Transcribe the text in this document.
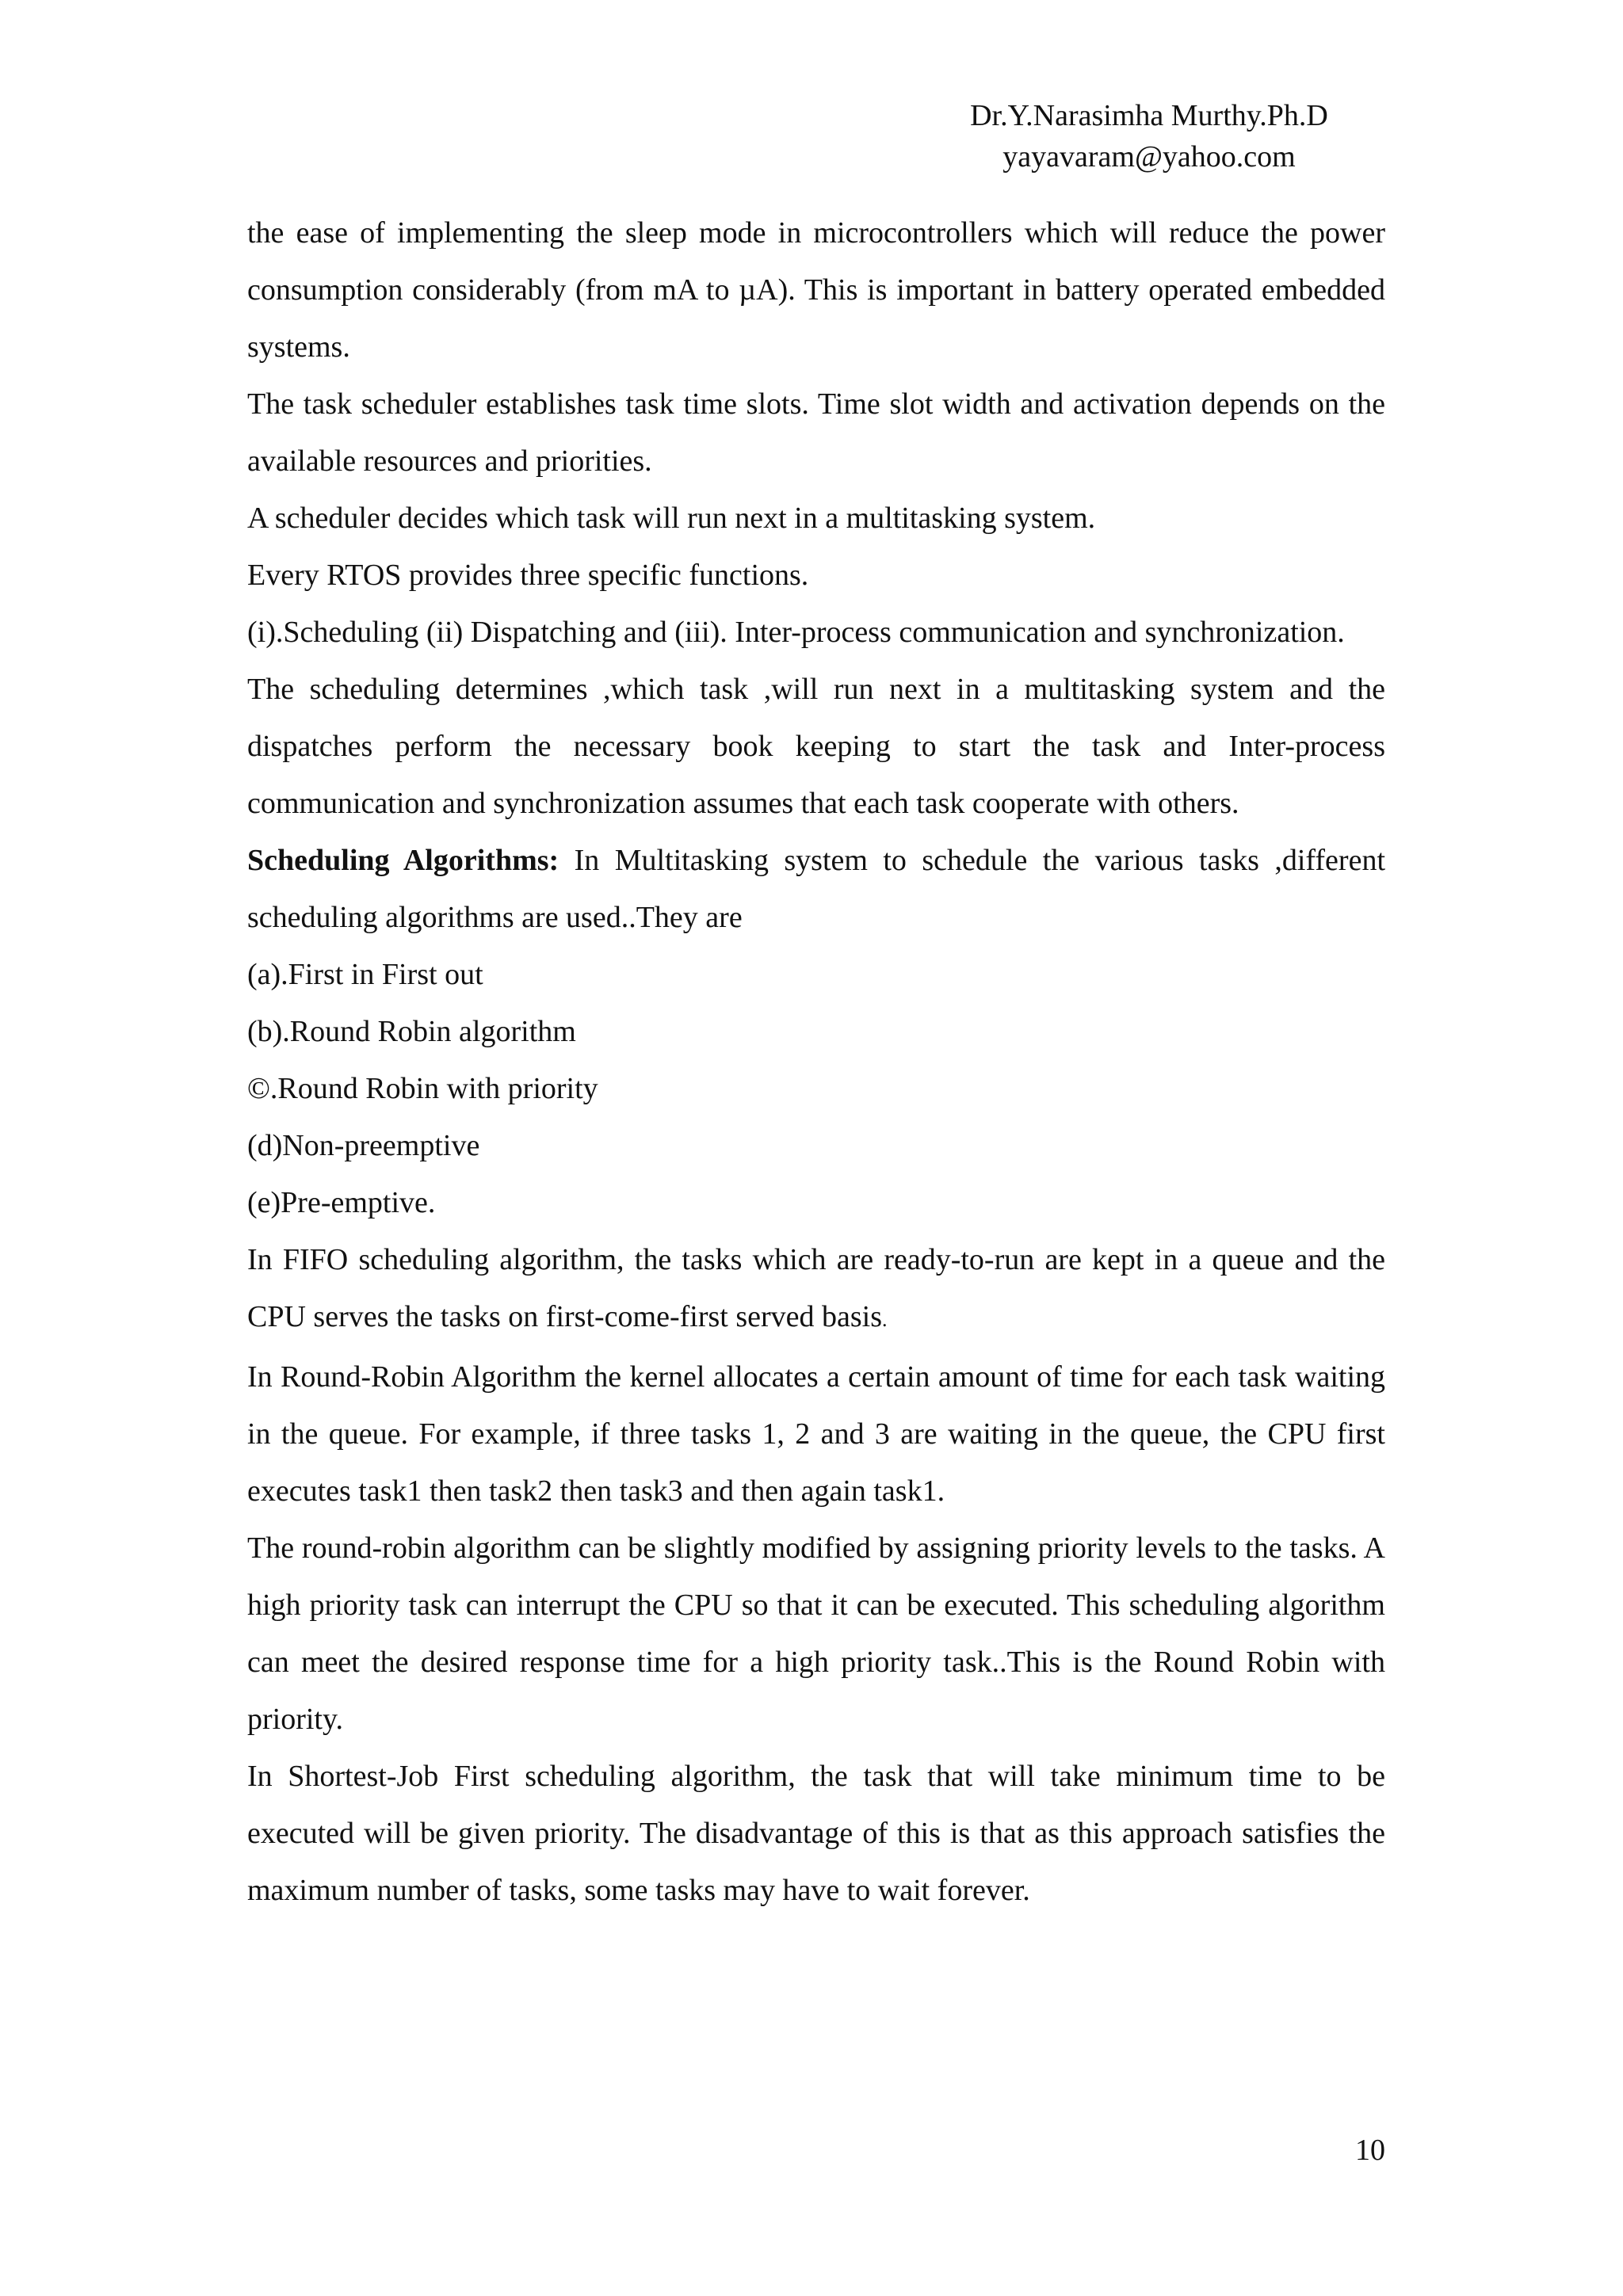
Dr.Y.Narasimha Murthy.Ph.D
yayavaram@yahoo.com

the ease of implementing the sleep mode in microcontrollers which will reduce the power consumption considerably (from mA to µA). This is important in battery operated embedded systems.

The task scheduler establishes task time slots. Time slot width and activation depends on the available resources and priorities.

A scheduler decides which task will run next in a multitasking system.

Every RTOS provides three specific functions.

(i).Scheduling (ii) Dispatching and (iii). Inter-process communication and synchronization.

The scheduling determines ,which task ,will run next in a multitasking system and the dispatches perform the necessary book keeping to start the task and Inter-process communication and synchronization assumes that each task cooperate with others.

Scheduling Algorithms: In Multitasking system to schedule the various tasks ,different scheduling algorithms are used..They are

(a).First in First out

(b).Round Robin algorithm

©.Round Robin with priority

(d)Non-preemptive

(e)Pre-emptive.

In FIFO scheduling algorithm, the tasks which are ready-to-run are kept in a queue and the CPU serves the tasks on first-come-first served basis.

In Round-Robin Algorithm the kernel allocates a certain amount of time for each task waiting in the queue. For example, if three tasks 1, 2 and 3 are waiting in the queue, the CPU first executes task1 then task2 then task3 and then again task1.

The round-robin algorithm can be slightly modified by assigning priority levels to the tasks. A high priority task can interrupt the CPU so that it can be executed. This scheduling algorithm can meet the desired response time for a high priority task..This is the Round Robin with priority.

In Shortest-Job First scheduling algorithm, the task that will take minimum time to be executed will be given priority. The disadvantage of this is that as this approach satisfies the maximum number of tasks, some tasks may have to wait forever.

10
